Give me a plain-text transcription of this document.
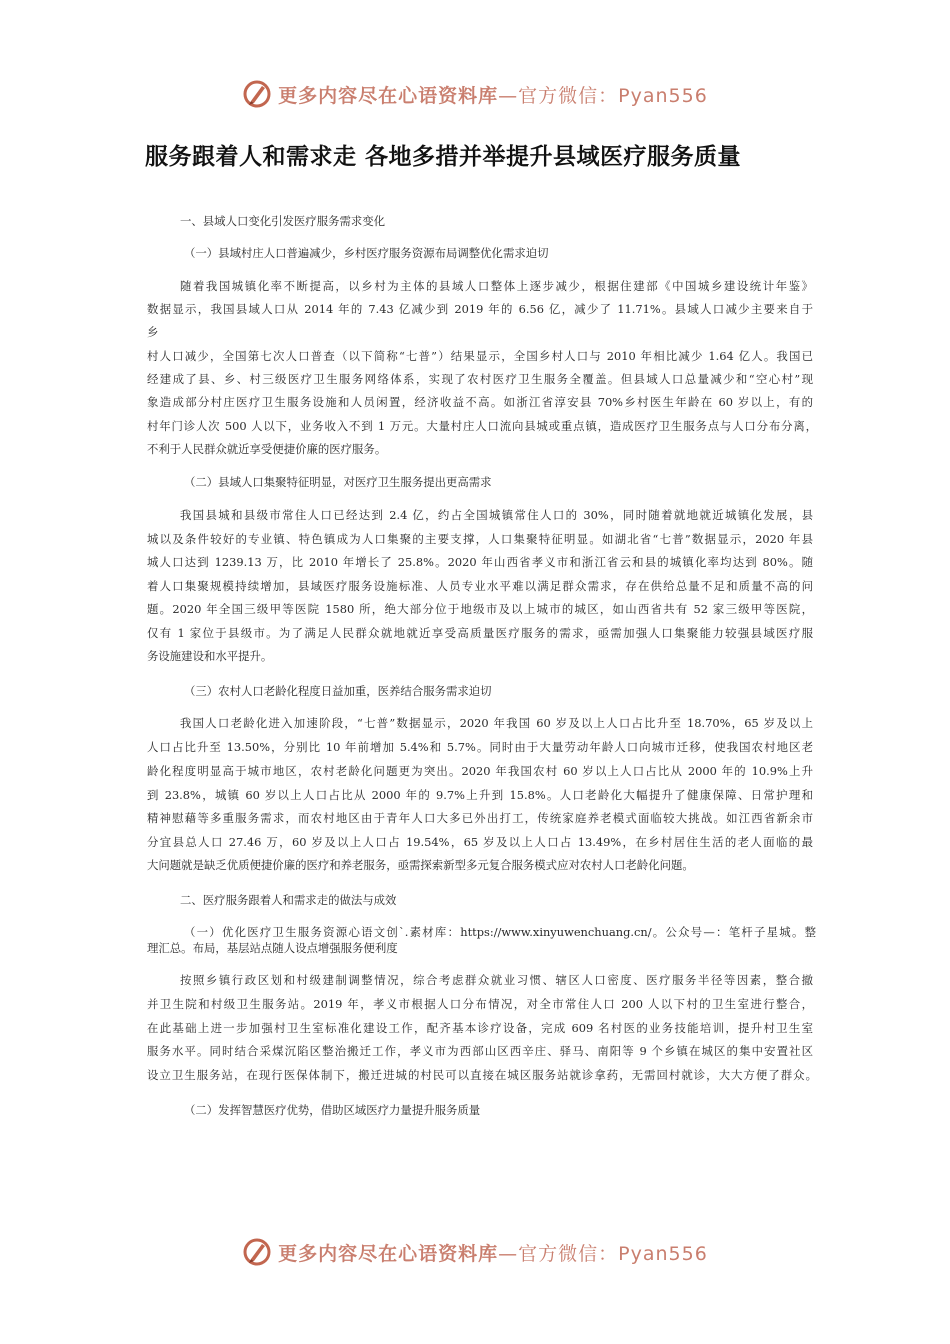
更多内容尽在心语资料库—官方微信：Pyan556
服务跟着人和需求走 各地多措并举提升县域医疗服务质量
一、县域人口变化引发医疗服务需求变化
（一）县域村庄人口普遍减少，乡村医疗服务资源布局调整优化需求迫切
随着我国城镇化率不断提高，以乡村为主体的县域人口整体上逐步减少，根据住建部《中国城乡建设统计年鉴》
数据显示，我国县域人口从 2014 年的 7.43 亿减少到 2019 年的 6.56 亿，减少了 11.71%。县域人口减少主要来自于
乡
村人口减少，全国第七次人口普查（以下简称“七普”）结果显示，全国乡村人口与 2010 年相比减少 1.64 亿人。我国已
经建成了县、乡、村三级医疗卫生服务网络体系，实现了农村医疗卫生服务全覆盖。但县域人口总量减少和“空心村”现
象造成部分村庄医疗卫生服务设施和人员闲置，经济收益不高。如浙江省淳安县 70%乡村医生年龄在 60 岁以上，有的
村年门诊人次 500 人以下，业务收入不到 1 万元。大量村庄人口流向县城或重点镇，造成医疗卫生服务点与人口分布分离，
不利于人民群众就近享受便捷价廉的医疗服务。
（二）县域人口集聚特征明显，对医疗卫生服务提出更高需求
我国县城和县级市常住人口已经达到 2.4 亿，约占全国城镇常住人口的 30%，同时随着就地就近城镇化发展，县
城以及条件较好的专业镇、特色镇成为人口集聚的主要支撑，人口集聚特征明显。如湖北省“七普”数据显示，2020 年县
城人口达到 1239.13 万，比 2010 年增长了 25.8%。2020 年山西省孝义市和浙江省云和县的城镇化率均达到 80%。随
着人口集聚规模持续增加，县域医疗服务设施标准、人员专业水平难以满足群众需求，存在供给总量不足和质量不高的问
题。2020 年全国三级甲等医院 1580 所，绝大部分位于地级市及以上城市的城区，如山西省共有 52 家三级甲等医院，
仅有 1 家位于县级市。为了满足人民群众就地就近享受高质量医疗服务的需求，亟需加强人口集聚能力较强县域医疗服
务设施建设和水平提升。
（三）农村人口老龄化程度日益加重，医养结合服务需求迫切
我国人口老龄化进入加速阶段，“七普”数据显示，2020 年我国 60 岁及以上人口占比升至 18.70%，65 岁及以上
人口占比升至 13.50%，分别比 10 年前增加 5.4%和 5.7%。同时由于大量劳动年龄人口向城市迁移，使我国农村地区老
龄化程度明显高于城市地区，农村老龄化问题更为突出。2020 年我国农村 60 岁以上人口占比从 2000 年的 10.9%上升
到 23.8%，城镇 60 岁以上人口占比从 2000 年的 9.7%上升到 15.8%。人口老龄化大幅提升了健康保障、日常护理和
精神慰藉等多重服务需求，而农村地区由于青年人口大多已外出打工，传统家庭养老模式面临较大挑战。如江西省新余市
分宜县总人口 27.46 万，60 岁及以上人口占 19.54%，65 岁及以上人口占 13.49%，在乡村居住生活的老人面临的最
大问题就是缺乏优质便捷价廉的医疗和养老服务，亟需探索新型多元复合服务模式应对农村人口老龄化问题。
二、医疗服务跟着人和需求走的做法与成效
（一）优化医疗卫生服务资源心语文创`.素材库：https://www.xinyuwenchuang.cn/。公众号—：笔杆子星城。整
理汇总。布局，基层站点随人设点增强服务便利度
按照乡镇行政区划和村级建制调整情况，综合考虑群众就业习惯、辖区人口密度、医疗服务半径等因素，整合撤
并卫生院和村级卫生服务站。2019 年，孝义市根据人口分布情况，对全市常住人口 200 人以下村的卫生室进行整合，
在此基础上进一步加强村卫生室标准化建设工作，配齐基本诊疗设备，完成 609 名村医的业务技能培训，提升村卫生室
服务水平。同时结合采煤沉陷区整治搬迁工作，孝义市为西部山区西辛庄、驿马、南阳等 9 个乡镇在城区的集中安置社区
设立卫生服务站，在现行医保体制下，搬迁进城的村民可以直接在城区服务站就诊拿药，无需回村就诊，大大方便了群众。
（二）发挥智慧医疗优势，借助区域医疗力量提升服务质量
更多内容尽在心语资料库—官方微信：Pyan556
